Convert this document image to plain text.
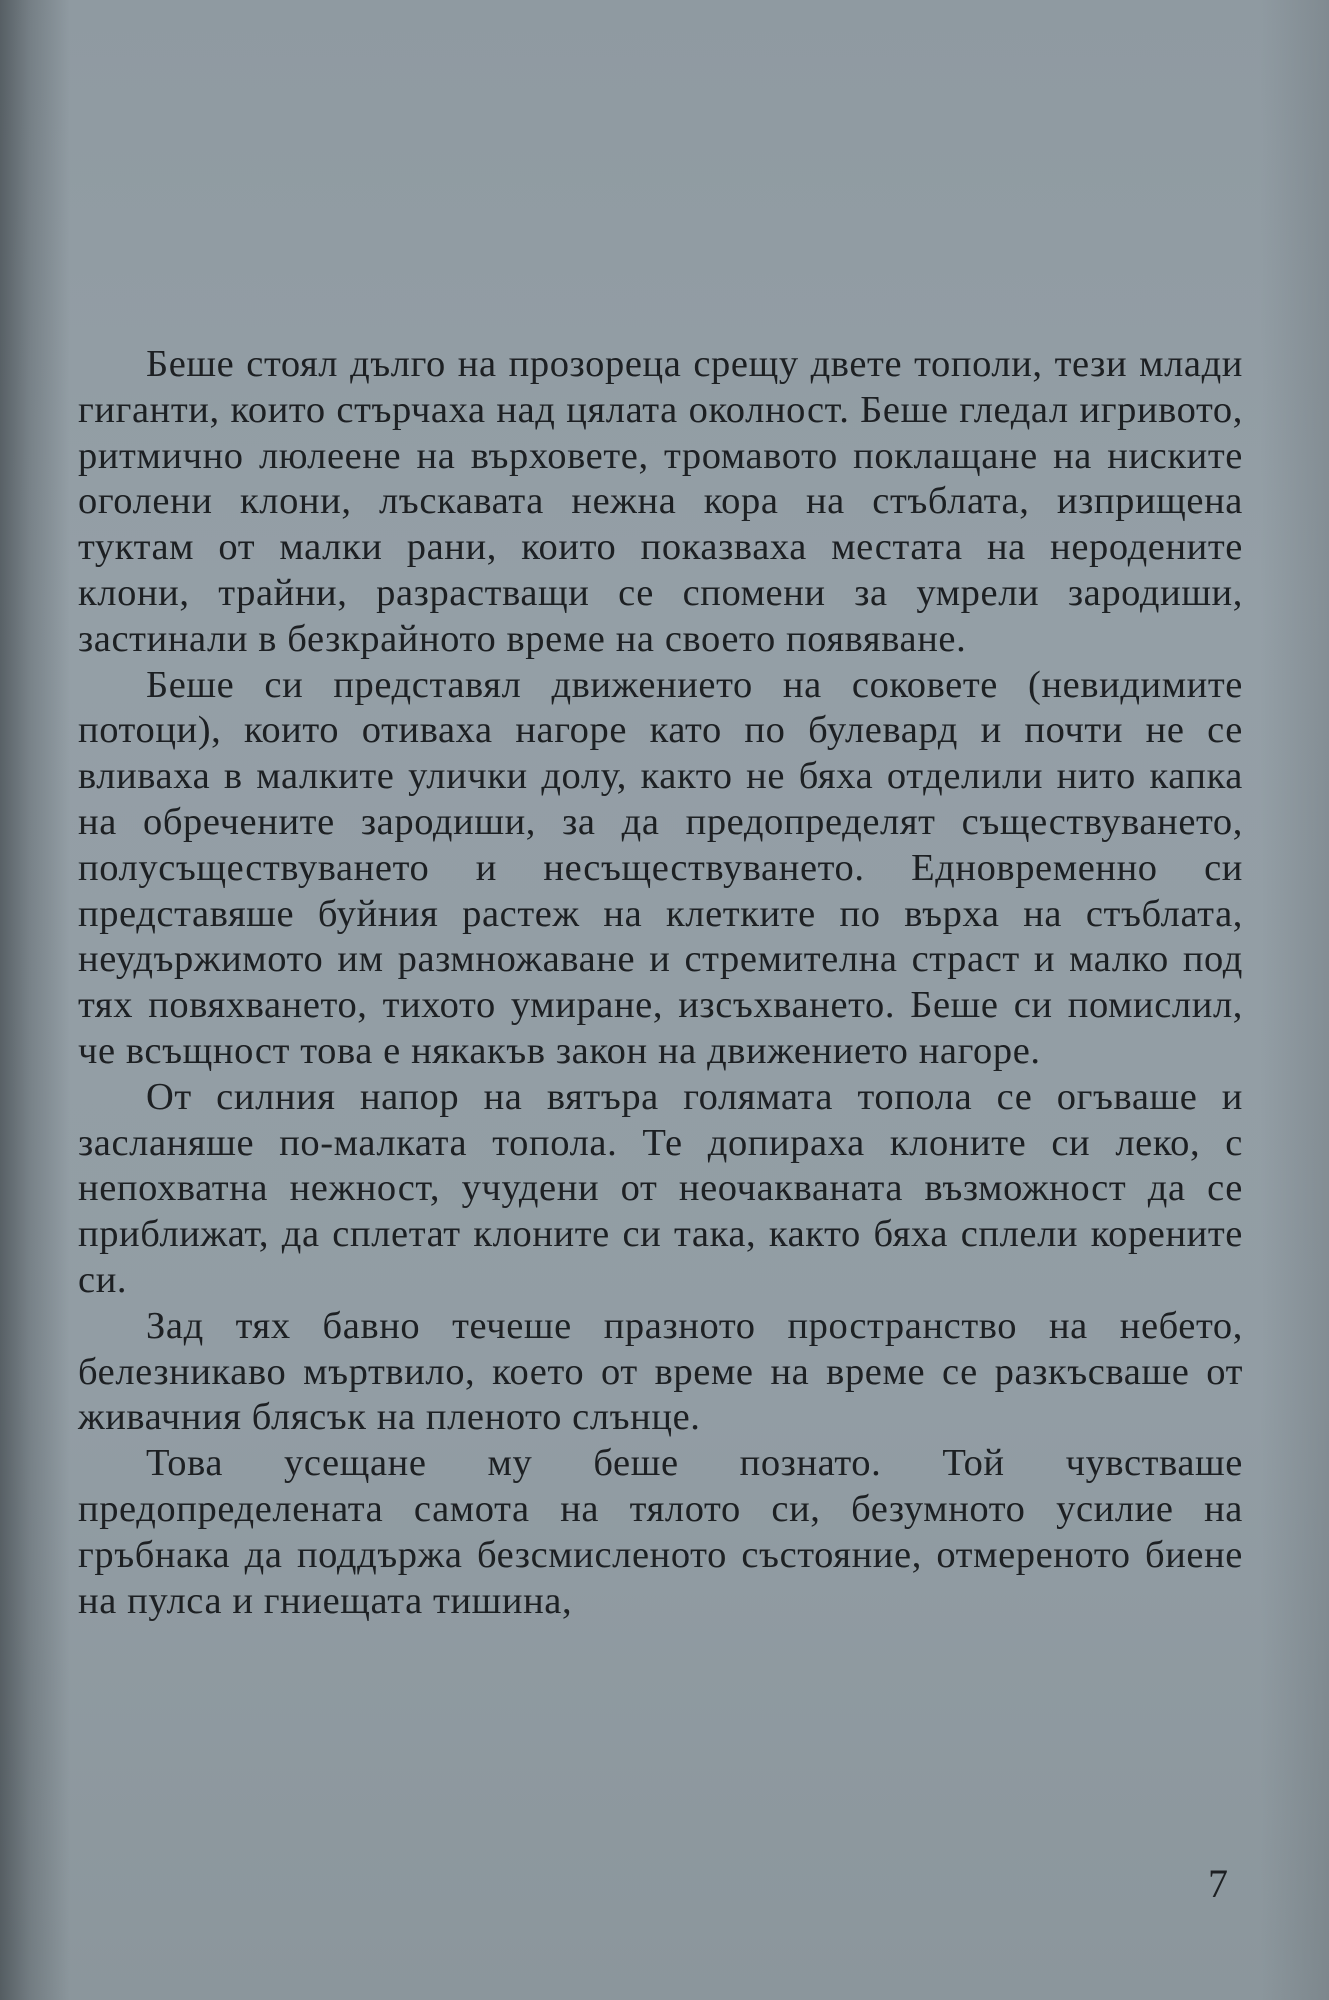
Беше стоял дълго на прозореца срещу двете тополи, тези млади гиганти, които стърчаха над цялата околност. Беше гледал игривото, ритмично люлеене на върховете, тромавото поклащане на ниските оголени клони, лъскавата нежна кора на стъблата, изприщена туктам от малки рани, които показваха местата на неродените клони, трайни, разрастващи се спомени за умрели зародиши, застинали в безкрайното време на своето появяване.

Беше си представял движението на соковете (невидимите потоци), които отиваха нагоре като по булевард и почти не се вливаха в малките улички долу, както не бяха отделили нито капка на обречените зародиши, за да предопределят съществуването, полусъществуването и несъществуването. Едновременно си представяше буйния растеж на клетките по върха на стъблата, неудържимото им размножаване и стремителна страст и малко под тях повяхването, тихото умиране, изсъхването. Беше си помислил, че всъщност това е някакъв закон на движението нагоре.

От силния напор на вятъра голямата топола се огъваше и засланяше по-малката топола. Те допираха клоните си леко, с непохватна нежност, учудени от неочакваната възможност да се приближат, да сплетат клоните си така, както бяха сплели корените си.

Зад тях бавно течеше празното пространство на небето, белезникаво мъртвило, което от време на време се разкъсваше от живачния блясък на пленото слънце.

Това усещане му беше познато. Той чувстваше предопределената самота на тялото си, безумното усилие на гръбнака да поддържа безсмисленото състояние, отмереното биене на пулса и гниещата тишина,

7
